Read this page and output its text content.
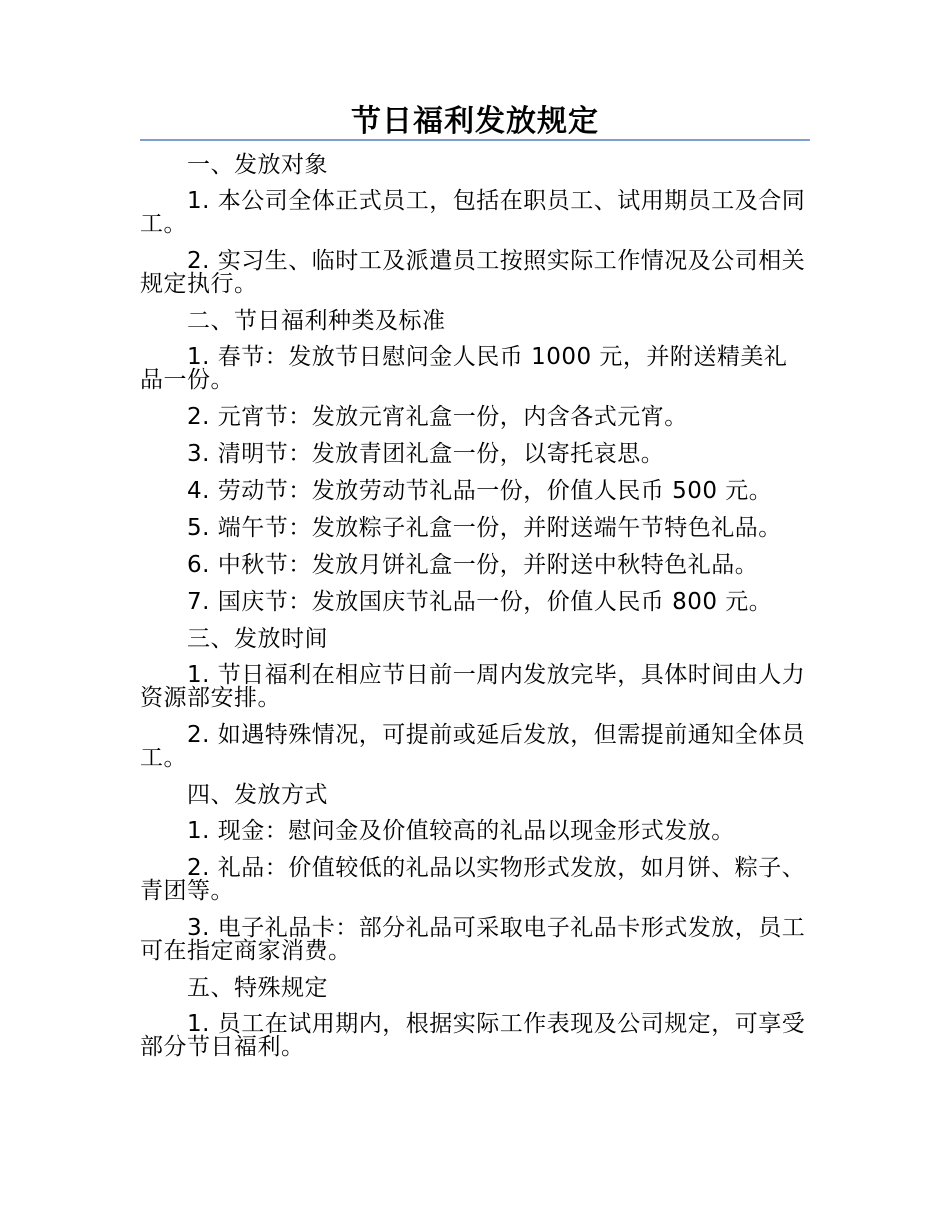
节日福利发放规定

一、发放对象

1. 本公司全体正式员工，包括在职员工、试用期员工及合同工。

2. 实习生、临时工及派遣员工按照实际工作情况及公司相关规定执行。

二、节日福利种类及标准

1. 春节：发放节日慰问金人民币 1000 元，并附送精美礼品一份。

2. 元宵节：发放元宵礼盒一份，内含各式元宵。

3. 清明节：发放青团礼盒一份，以寄托哀思。

4. 劳动节：发放劳动节礼品一份，价值人民币 500 元。

5. 端午节：发放粽子礼盒一份，并附送端午节特色礼品。

6. 中秋节：发放月饼礼盒一份，并附送中秋特色礼品。

7. 国庆节：发放国庆节礼品一份，价值人民币 800 元。

三、发放时间

1. 节日福利在相应节日前一周内发放完毕，具体时间由人力资源部安排。

2. 如遇特殊情况，可提前或延后发放，但需提前通知全体员工。

四、发放方式

1. 现金：慰问金及价值较高的礼品以现金形式发放。

2. 礼品：价值较低的礼品以实物形式发放，如月饼、粽子、青团等。

3. 电子礼品卡：部分礼品可采取电子礼品卡形式发放，员工可在指定商家消费。

五、特殊规定

1. 员工在试用期内，根据实际工作表现及公司规定，可享受部分节日福利。
